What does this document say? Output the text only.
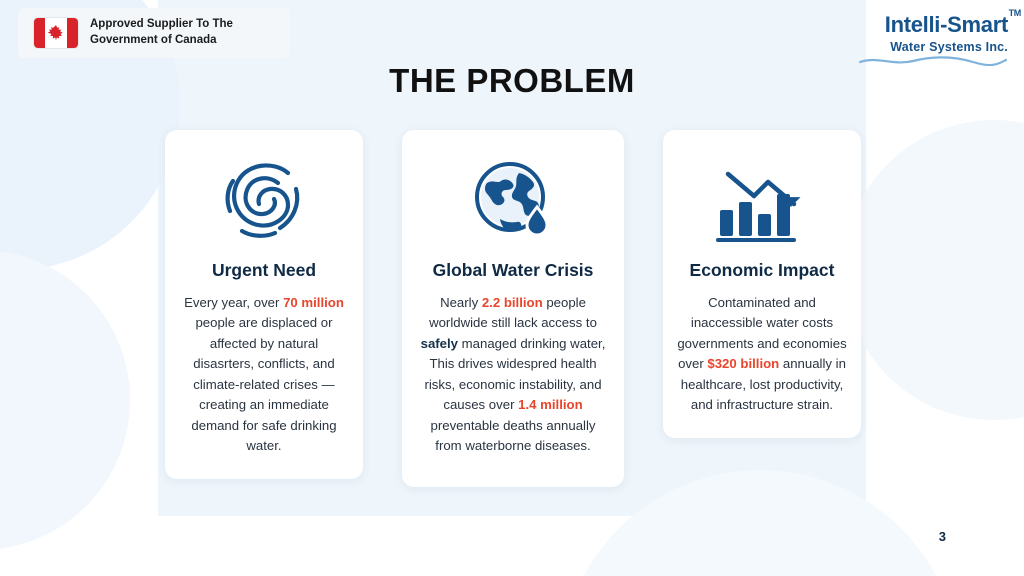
Approved Supplier To The
Government of Canada
Intelli-Smart TM
Water Systems Inc.
THE PROBLEM
Urgent Need
Every year, over 70 million people are displaced or affected by natural disasrters, conflicts, and climate-related crises — creating an immediate demand for safe drinking water.
Global Water Crisis
Nearly 2.2 billion people worldwide still lack access to safely managed drinking water, This drives widespred health risks, economic instability, and causes over 1.4 million preventable deaths annually from waterborne diseases.
Economic Impact
Contaminated and inaccessible water costs governments and economies over $320 billion annually in healthcare, lost productivity, and infrastructure strain.
3
